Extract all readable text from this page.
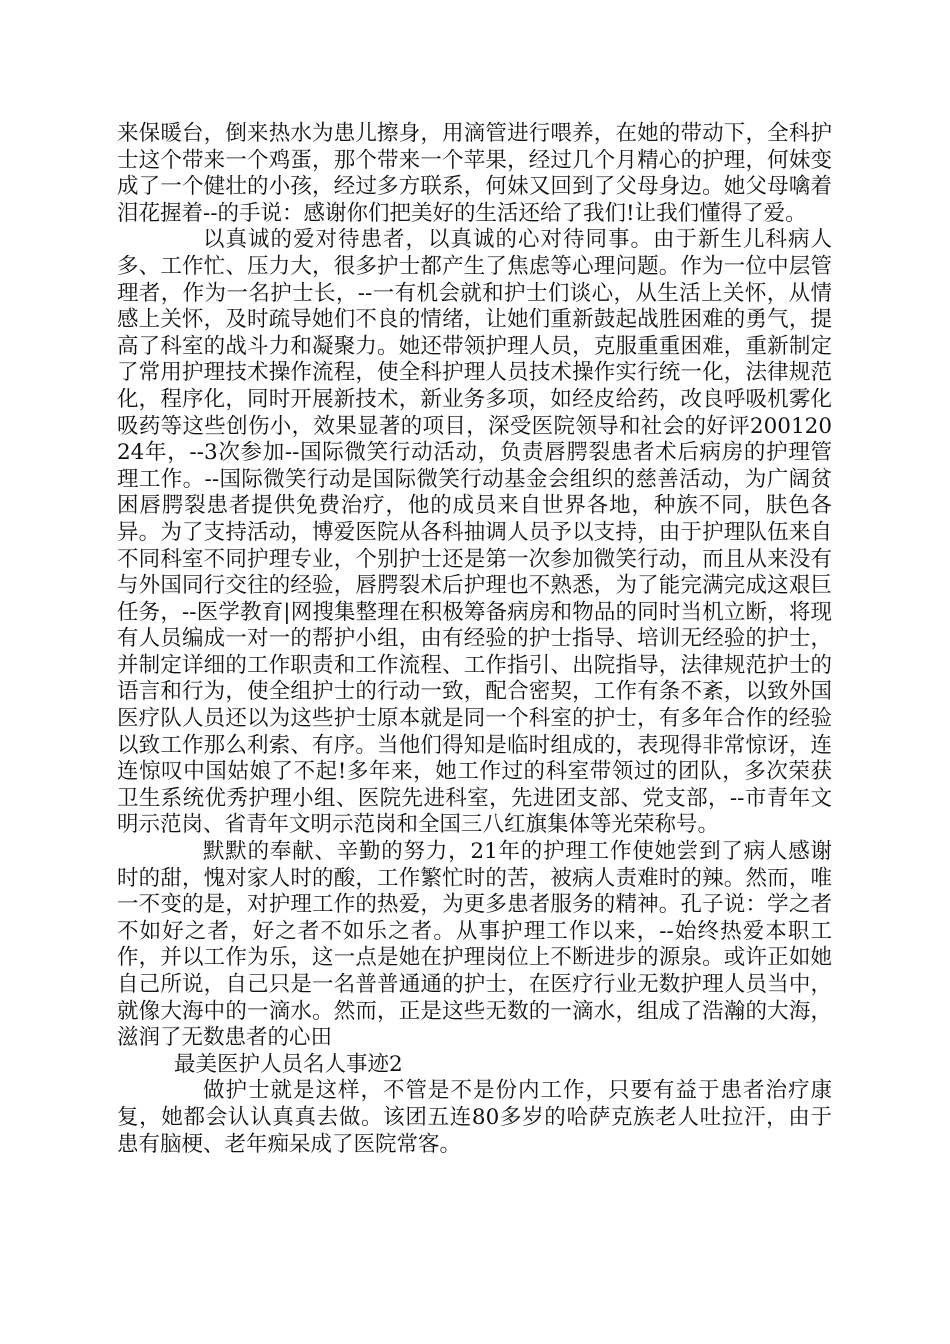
来保暖台，倒来热水为患儿擦身，用滴管进行喂养，在她的带动下，全科护士这个带来一个鸡蛋，那个带来一个苹果，经过几个月精心的护理，何妹变成了一个健壮的小孩，经过多方联系，何妹又回到了父母身边。她父母噙着泪花握着--的手说：感谢你们把美好的生活还给了我们!让我们懂得了爱。

以真诚的爱对待患者，以真诚的心对待同事。由于新生儿科病人多、工作忙、压力大，很多护士都产生了焦虑等心理问题。作为一位中层管理者，作为一名护士长，--一有机会就和护士们谈心，从生活上关怀，从情感上关怀，及时疏导她们不良的情绪，让她们重新鼓起战胜困难的勇气，提高了科室的战斗力和凝聚力。她还带领护理人员，克服重重困难，重新制定了常用护理技术操作流程，使全科护理人员技术操作实行统一化，法律规范化，程序化，同时开展新技术，新业务多项，如经皮给药，改良呼吸机雾化吸药等这些创伤小，效果显著的项目，深受医院领导和社会的好评20012024年，--3次参加--国际微笑行动活动，负责唇腭裂患者术后病房的护理管理工作。--国际微笑行动是国际微笑行动基金会组织的慈善活动，为广阔贫困唇腭裂患者提供免费治疗，他的成员来自世界各地，种族不同，肤色各异。为了支持活动，博爱医院从各科抽调人员予以支持，由于护理队伍来自不同科室不同护理专业，个别护士还是第一次参加微笑行动，而且从来没有与外国同行交往的经验，唇腭裂术后护理也不熟悉，为了能完满完成这艰巨任务，--医学教育|网搜集整理在积极筹备病房和物品的同时当机立断，将现有人员编成一对一的帮护小组，由有经验的护士指导、培训无经验的护士，并制定详细的工作职责和工作流程、工作指引、出院指导，法律规范护士的语言和行为，使全组护士的行动一致，配合密契，工作有条不紊，以致外国医疗队人员还以为这些护士原本就是同一个科室的护士，有多年合作的经验以致工作那么利索、有序。当他们得知是临时组成的，表现得非常惊讶，连连惊叹中国姑娘了不起!多年来，她工作过的科室带领过的团队，多次荣获卫生系统优秀护理小组、医院先进科室，先进团支部、党支部，--市青年文明示范岗、省青年文明示范岗和全国三八红旗集体等光荣称号。

默默的奉献、辛勤的努力，21年的护理工作使她尝到了病人感谢时的甜，愧对家人时的酸，工作繁忙时的苦，被病人责难时的辣。然而，唯一不变的是，对护理工作的热爱，为更多患者服务的精神。孔子说：学之者不如好之者，好之者不如乐之者。从事护理工作以来，--始终热爱本职工作，并以工作为乐，这一点是她在护理岗位上不断进步的源泉。或许正如她自己所说，自己只是一名普普通通的护士，在医疗行业无数护理人员当中，就像大海中的一滴水。然而，正是这些无数的一滴水，组成了浩瀚的大海，滋润了无数患者的心田

最美医护人员名人事迹2

做护士就是这样，不管是不是份内工作，只要有益于患者治疗康复，她都会认认真真去做。该团五连80多岁的哈萨克族老人吐拉汗，由于患有脑梗、老年痴呆成了医院常客。
